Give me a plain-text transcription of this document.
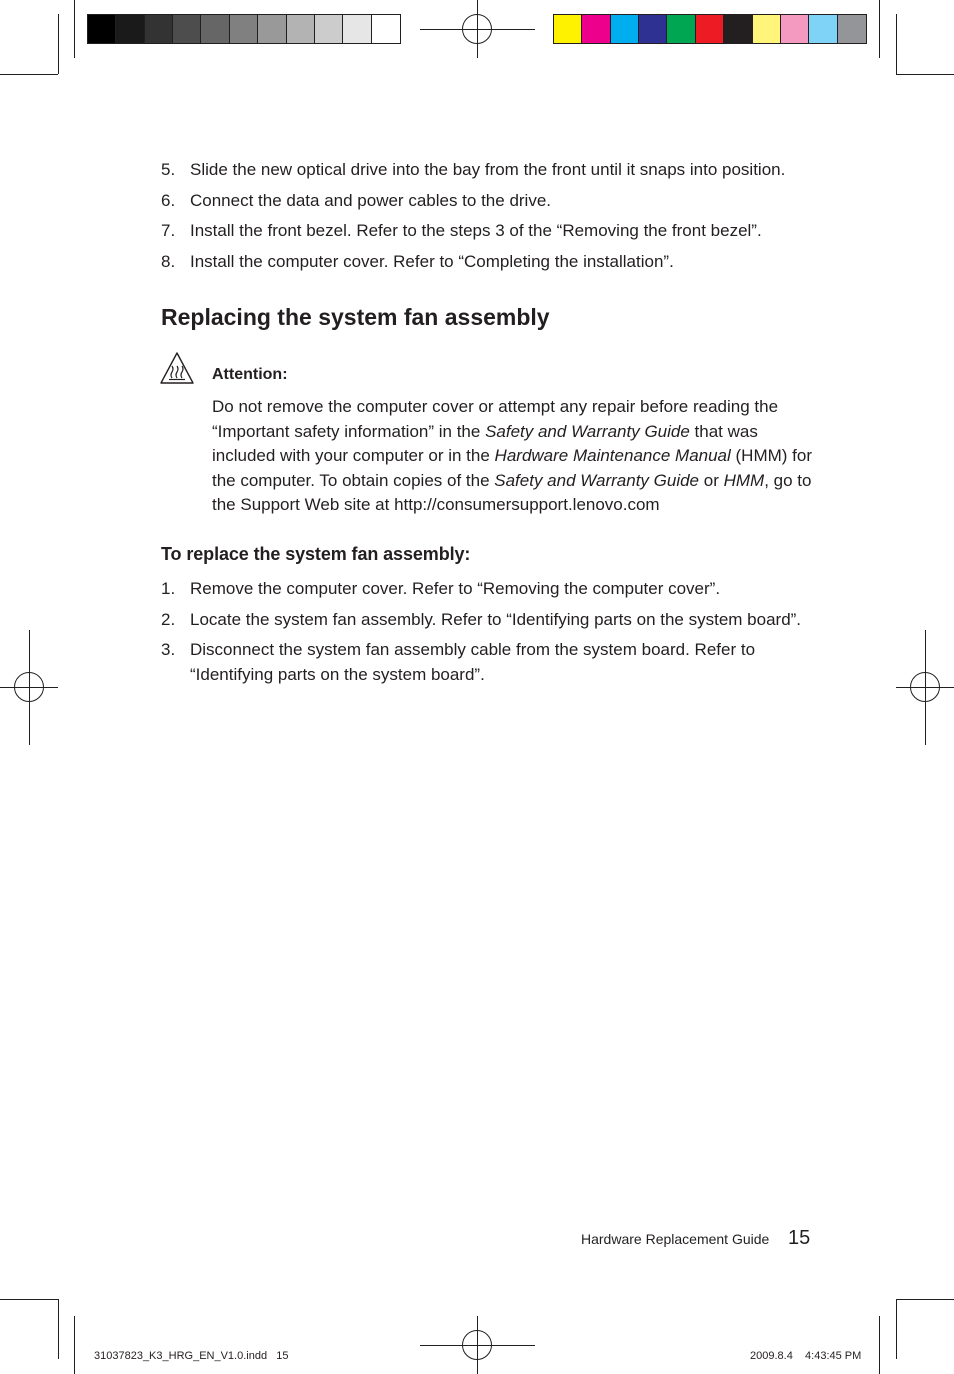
5. Slide the new optical drive into the bay from the front until it snaps into position.
6. Connect the data and power cables to the drive.
7. Install the front bezel. Refer to the steps 3 of the “Removing the front bezel”.
8. Install the computer cover. Refer to “Completing the installation”.
Replacing the system fan assembly
Attention:
Do not remove the computer cover or attempt any repair before reading the “Important safety information” in the Safety and Warranty Guide that was included with your computer or in the Hardware Maintenance Manual (HMM) for the computer. To obtain copies of the Safety and Warranty Guide or HMM, go to the Support Web site at http://consumersupport.lenovo.com
To replace the system fan assembly:
1. Remove the computer cover. Refer to “Removing the computer cover”.
2. Locate the system fan assembly. Refer to “Identifying parts on the system board”.
3. Disconnect the system fan assembly cable from the system board. Refer to “Identifying parts on the system board”.
Hardware Replacement Guide 15
31037823_K3_HRG_EN_V1.0.indd   15	2009.8.4    4:43:45 PM
